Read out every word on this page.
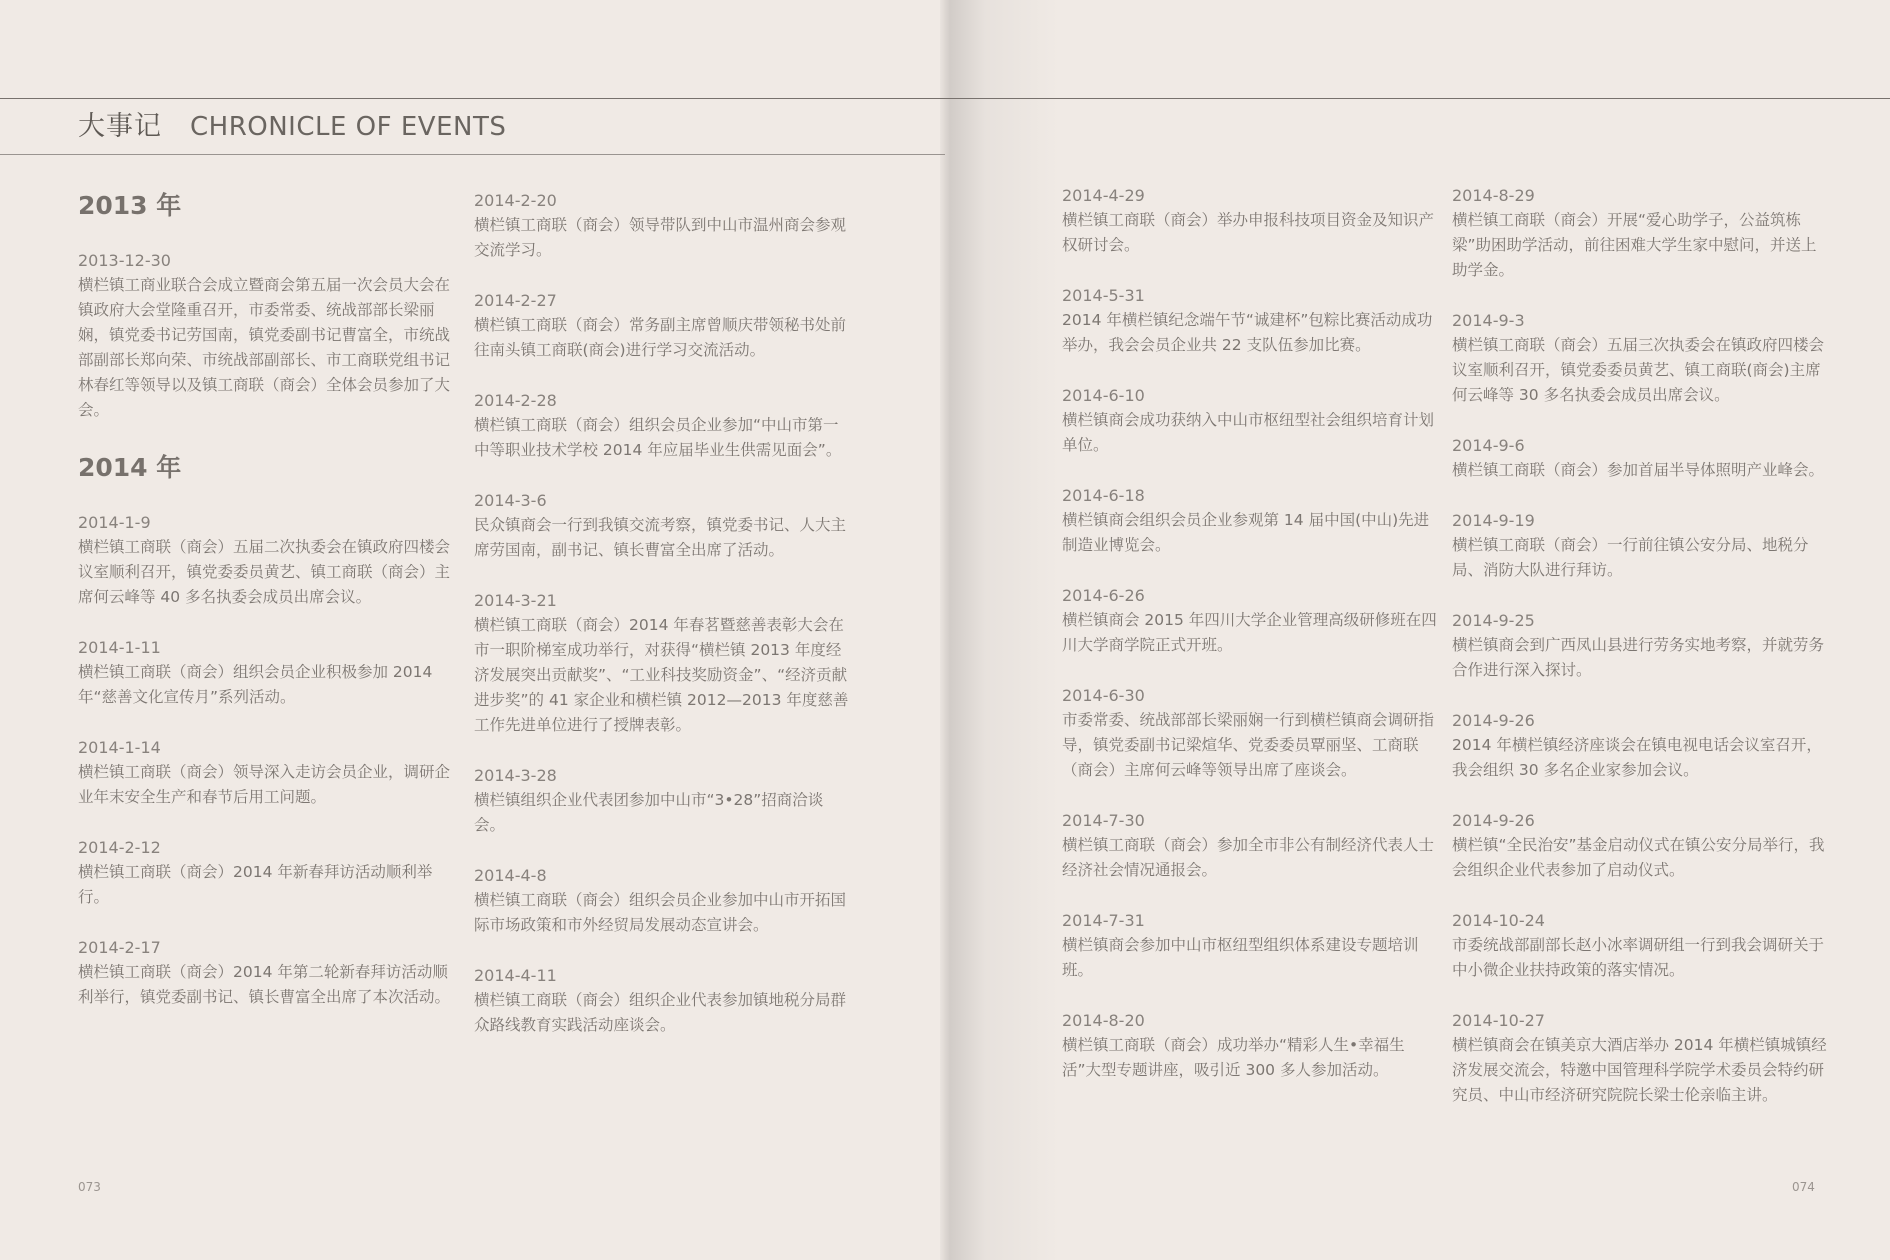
大事记 CHRONICLE OF EVENTS
2013 年
2013-12-30
横栏镇工商业联合会成立暨商会第五届一次会员大会在镇政府大会堂隆重召开，市委常委、统战部部长梁丽娴，镇党委书记劳国南，镇党委副书记曹富全，市统战部副部长郑向荣、市统战部副部长、市工商联党组书记林春红等领导以及镇工商联（商会）全体会员参加了大会。
2014 年
2014-1-9
横栏镇工商联（商会）五届二次执委会在镇政府四楼会议室顺利召开，镇党委委员黄艺、镇工商联（商会）主席何云峰等 40 多名执委会成员出席会议。
2014-1-11
横栏镇工商联（商会）组织会员企业积极参加 2014 年“慈善文化宣传月”系列活动。
2014-1-14
横栏镇工商联（商会）领导深入走访会员企业，调研企业年末安全生产和春节后用工问题。
2014-2-12
横栏镇工商联（商会）2014 年新春拜访活动顺利举行。
2014-2-17
横栏镇工商联（商会）2014 年第二轮新春拜访活动顺利举行，镇党委副书记、镇长曹富全出席了本次活动。
2014-2-20
横栏镇工商联（商会）领导带队到中山市温州商会参观交流学习。
2014-2-27
横栏镇工商联（商会）常务副主席曾顺庆带领秘书处前往南头镇工商联(商会)进行学习交流活动。
2014-2-28
横栏镇工商联（商会）组织会员企业参加“中山市第一中等职业技术学校 2014 年应届毕业生供需见面会”。
2014-3-6
民众镇商会一行到我镇交流考察，镇党委书记、人大主席劳国南，副书记、镇长曹富全出席了活动。
2014-3-21
横栏镇工商联（商会）2014 年春茗暨慈善表彰大会在市一职阶梯室成功举行，对获得“横栏镇 2013 年度经济发展突出贡献奖”、“工业科技奖励资金”、“经济贡献进步奖”的 41 家企业和横栏镇 2012—2013 年度慈善工作先进单位进行了授牌表彰。
2014-3-28
横栏镇组织企业代表团参加中山市“3•28”招商洽谈会。
2014-4-8
横栏镇工商联（商会）组织会员企业参加中山市开拓国际市场政策和市外经贸局发展动态宣讲会。
2014-4-11
横栏镇工商联（商会）组织企业代表参加镇地税分局群众路线教育实践活动座谈会。
2014-4-29
横栏镇工商联（商会）举办申报科技项目资金及知识产权研讨会。
2014-5-31
2014 年横栏镇纪念端午节“诚建杯”包粽比赛活动成功举办，我会会员企业共 22 支队伍参加比赛。
2014-6-10
横栏镇商会成功获纳入中山市枢纽型社会组织培育计划单位。
2014-6-18
横栏镇商会组织会员企业参观第 14 届中国(中山)先进制造业博览会。
2014-6-26
横栏镇商会 2015 年四川大学企业管理高级研修班在四川大学商学院正式开班。
2014-6-30
市委常委、统战部部长梁丽娴一行到横栏镇商会调研指导，镇党委副书记梁煊华、党委委员覃丽坚、工商联（商会）主席何云峰等领导出席了座谈会。
2014-7-30
横栏镇工商联（商会）参加全市非公有制经济代表人士经济社会情况通报会。
2014-7-31
横栏镇商会参加中山市枢纽型组织体系建设专题培训班。
2014-8-20
横栏镇工商联（商会）成功举办“精彩人生•幸福生活”大型专题讲座，吸引近 300 多人参加活动。
2014-8-29
横栏镇工商联（商会）开展“爱心助学子，公益筑栋梁”助困助学活动，前往困难大学生家中慰问，并送上助学金。
2014-9-3
横栏镇工商联（商会）五届三次执委会在镇政府四楼会议室顺利召开，镇党委委员黄艺、镇工商联(商会)主席何云峰等 30 多名执委会成员出席会议。
2014-9-6
横栏镇工商联（商会）参加首届半导体照明产业峰会。
2014-9-19
横栏镇工商联（商会）一行前往镇公安分局、地税分局、消防大队进行拜访。
2014-9-25
横栏镇商会到广西凤山县进行劳务实地考察，并就劳务合作进行深入探讨。
2014-9-26
2014 年横栏镇经济座谈会在镇电视电话会议室召开，我会组织 30 多名企业家参加会议。
2014-9-26
横栏镇“全民治安”基金启动仪式在镇公安分局举行，我会组织企业代表参加了启动仪式。
2014-10-24
市委统战部副部长赵小冰率调研组一行到我会调研关于中小微企业扶持政策的落实情况。
2014-10-27
横栏镇商会在镇美京大酒店举办 2014 年横栏镇城镇经济发展交流会，特邀中国管理科学院学术委员会特约研究员、中山市经济研究院院长梁士伦亲临主讲。
073	074
